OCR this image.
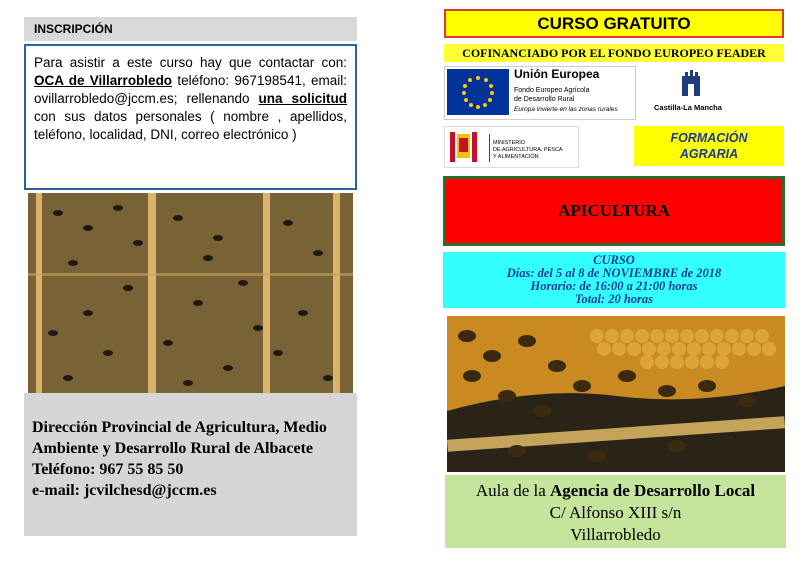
INSCRIPCIÓN
Para asistir a este curso hay que contactar con: OCA de Villarrobledo teléfono: 967198541, email: ovillarrobledo@jccm.es; rellenando una solicitud con sus datos personales ( nombre , apellidos, teléfono, localidad, DNI, correo electrónico )
Dirección Provincial de Agricultura, Medio
Ambiente y Desarrollo Rural de Albacete
Teléfono: 967 55 85 50
e-mail: jcvilchesd@jccm.es
CURSO GRATUITO
COFINANCIADO POR EL FONDO EUROPEO FEADER
Unión Europea
Fondo Europeo Agrícola
de Desarrollo Rural
Europa invierte en las zonas rurales	Castilla-La Mancha
MINISTERIO
DE AGRICULTURA, PESCA
Y ALIMENTACIÓN
FORMACIÓN
AGRARIA
APICULTURA
CURSO
Días: del 5 al 8 de NOVIEMBRE de 2018
Horario: de 16:00 a 21:00 horas
Total: 20 horas
Aula de la Agencia de Desarrollo Local
C/ Alfonso XIII s/n
Villarrobledo
